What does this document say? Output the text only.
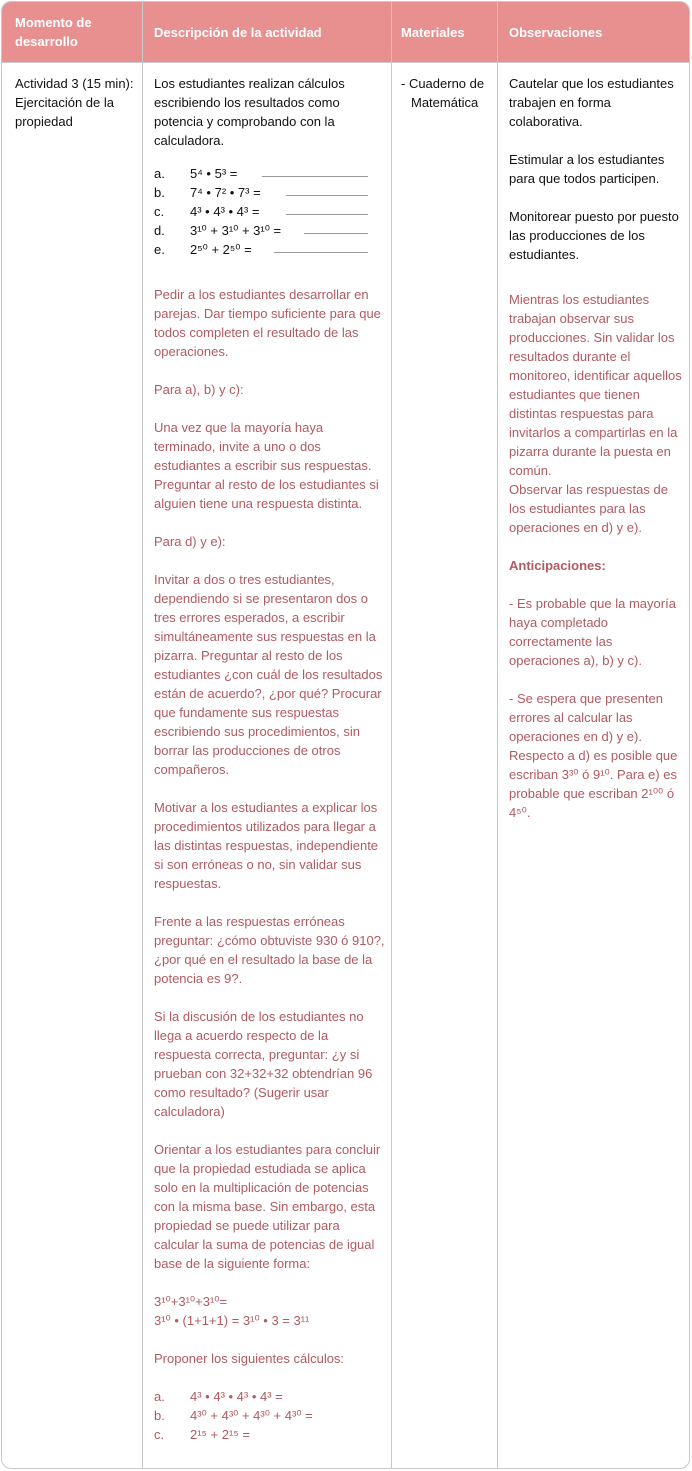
Momento de desarrollo
Descripción de la actividad	Materiales	Observaciones

Actividad 3 (15 min): Ejercitación de la propiedad

Los estudiantes realizan cálculos escribiendo los resultados como potencia y comprobando con la calculadora.

a. 5⁴ • 5³ =
b. 7⁴ • 7² • 7³ =
c. 4³ • 4³ • 4³ =
d. 3¹⁰ + 3¹⁰ + 3¹⁰ =
e. 2⁵⁰ + 2⁵⁰ =

Pedir a los estudiantes desarrollar en parejas. Dar tiempo suficiente para que todos completen el resultado de las operaciones.

Para a), b) y c):

Una vez que la mayoría haya terminado, invite a uno o dos estudiantes a escribir sus respuestas. Preguntar al resto de los estudiantes si alguien tiene una respuesta distinta.

Para d) y e):

Invitar a dos o tres estudiantes, dependiendo si se presentaron dos o tres errores esperados, a escribir simultáneamente sus respuestas en la pizarra. Preguntar al resto de los estudiantes ¿con cuál de los resultados están de acuerdo?, ¿por qué? Procurar que fundamente sus respuestas escribiendo sus procedimientos, sin borrar las producciones de otros compañeros.

Motivar a los estudiantes a explicar los procedimientos utilizados para llegar a las distintas respuestas, independiente si son erróneas o no, sin validar sus respuestas.

Frente a las respuestas erróneas preguntar: ¿cómo obtuviste 930 ó 910?, ¿por qué en el resultado la base de la potencia es 9?.

Si la discusión de los estudiantes no llega a acuerdo respecto de la respuesta correcta, preguntar: ¿y si prueban con 32+32+32 obtendrían 96 como resultado? (Sugerir usar calculadora)

Orientar a los estudiantes para concluir que la propiedad estudiada se aplica solo en la multiplicación de potencias con la misma base. Sin embargo, esta propiedad se puede utilizar para calcular la suma de potencias de igual base de la siguiente forma:

3¹⁰+3¹⁰+3¹⁰=

3¹⁰ • (1+1+1) = 3¹⁰ • 3 = 3¹¹

Proponer los siguientes cálculos:

a. 4³ • 4³ • 4³ • 4³ =
b. 4³⁰ + 4³⁰ + 4³⁰ + 4³⁰ =
c. 2¹⁵ + 2¹⁵ =

- Cuaderno de Matemática

Cautelar que los estudiantes trabajen en forma colaborativa.

Estimular a los estudiantes para que todos participen.

Monitorear puesto por puesto las producciones de los estudiantes.

Mientras los estudiantes trabajan observar sus producciones. Sin validar los resultados durante el monitoreo, identificar aquellos estudiantes que tienen distintas respuestas para invitarlos a compartirlas en la pizarra durante la puesta en común.

Observar las respuestas de los estudiantes para las operaciones en d) y e).

Anticipaciones:

- Es probable que la mayoría haya completado correctamente las operaciones a), b) y c).

- Se espera que presenten errores al calcular las operaciones en d) y e). Respecto a d) es posible que escriban 3³⁰ ó 9¹⁰. Para e) es probable que escriban 2¹⁰⁰ ó 4⁵⁰.
